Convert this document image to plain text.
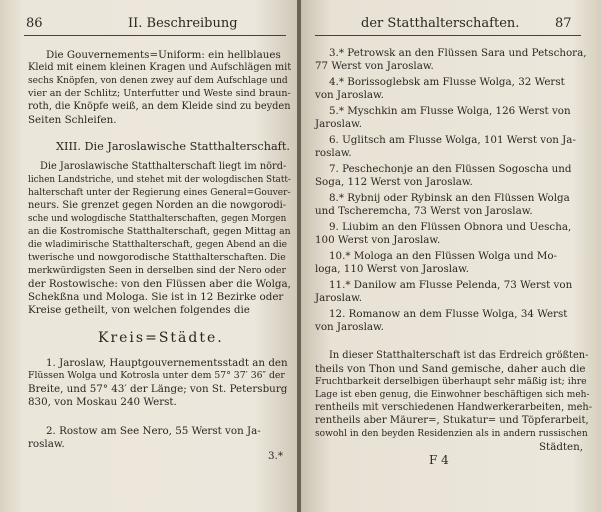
86	II. Beschreibung
Die Gouvernements=Uniform: ein hellblaues
Kleid mit einem kleinen Kragen und Aufschlägen mit
sechs Knöpfen, von denen zwey auf dem Aufschlage und
vier an der Schlitz; Unterfutter und Weste sind braun-
roth, die Knöpfe weiß, an dem Kleide sind zu beyden
Seiten Schleifen.
XIII. Die Jaroslawische Statthalterschaft.
Die Jaroslawische Statthalterschaft liegt im nörd-
lichen Landstriche, und stehet mit der wologdischen Statt-
halterschaft unter der Regierung eines General=Gouver-
neurs. Sie grenzet gegen Norden an die nowgorodi-
sche und wologdische Statthalterschaften, gegen Morgen
an die Kostromische Statthalterschaft, gegen Mittag an
die wladimirische Statthalterschaft, gegen Abend an die
twerische und nowgorodische Statthalterschaften. Die
merkwürdigsten Seen in derselben sind der Nero oder
der Rostowische: von den Flüssen aber die Wolga,
Schekßna und Mologa. Sie ist in 12 Bezirke oder
Kreise getheilt, von welchen folgendes die
Kreis=Städte.
1. Jaroslaw, Hauptgouvernementsstadt an den
Flüssen Wolga und Kotrosla unter dem 57° 37′ 36″ der
Breite, und 57° 43′ der Länge; von St. Petersburg
830, von Moskau 240 Werst.
2. Rostow am See Nero, 55 Werst von Ja-
roslaw.
3.*
der Statthalterschaften.	87
3.* Petrowsk an den Flüssen Sara und Petschora,
77 Werst von Jaroslaw.
4.* Borissoglebsk am Flusse Wolga, 32 Werst
von Jaroslaw.
5.* Myschkin am Flusse Wolga, 126 Werst von
Jaroslaw.
6. Uglitsch am Flusse Wolga, 101 Werst von Ja-
roslaw.
7. Peschechonje an den Flüssen Sogoscha und
Soga, 112 Werst von Jaroslaw.
8.* Rybnij oder Rybinsk an den Flüssen Wolga
und Tscheremcha, 73 Werst von Jaroslaw.
9. Liubim an den Flüssen Obnora und Uescha,
100 Werst von Jaroslaw.
10.* Mologa an den Flüssen Wolga und Mo-
loga, 110 Werst von Jaroslaw.
11.* Danilow am Flusse Pelenda, 73 Werst von
Jaroslaw.
12. Romanow an dem Flusse Wolga, 34 Werst
von Jaroslaw.
In dieser Statthalterschaft ist das Erdreich größten-
theils von Thon und Sand gemische, daher auch die
Fruchtbarkeit derselbigen überhaupt sehr mäßig ist; ihre
Lage ist eben genug, die Einwohner beschäftigen sich meh-
rentheils mit verschiedenen Handwerkerarbeiten, meh-
rentheils aber Mäurer=, Stukatur= und Töpferarbeit,
sowohl in den beyden Residenzien als in andern russischen
Städten,
F 4
